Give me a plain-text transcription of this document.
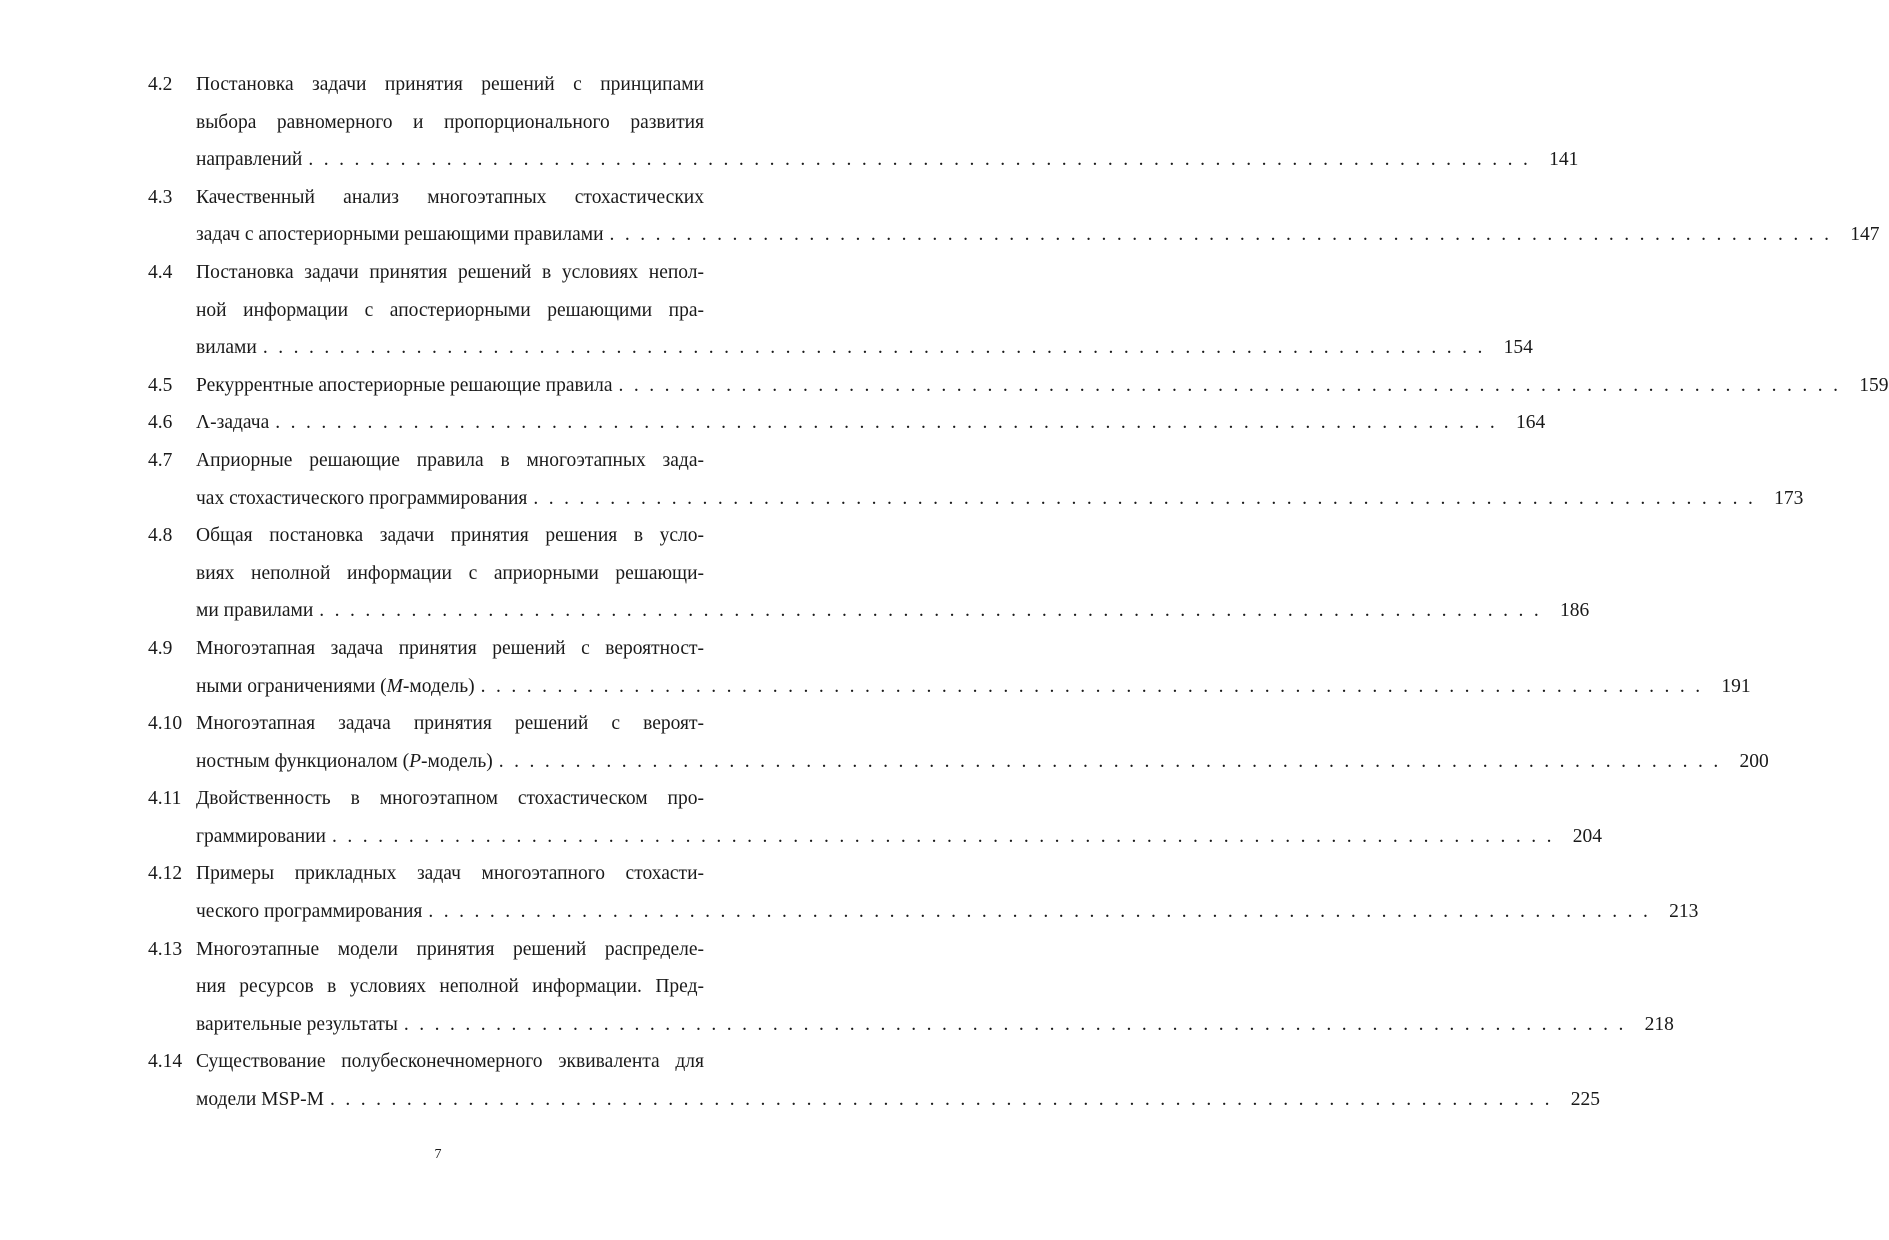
4.2	Постановка задачи принятия решений с принципами
выбора равномерного и пропорционального развития
направлений ................................................................................ 141
4.3	Качественный анализ многоэтапных стохастических
задач с апостериорными решающими правилами ................................................................................ 147
4.4	Постановка задачи принятия решений в условиях непол-
ной информации с апостериорными решающими пра-
вилами ................................................................................ 154
4.5	Рекуррентные апостериорные решающие правила ................................................................................ 159
4.6	Λ-задача ................................................................................ 164
4.7	Априорные решающие правила в многоэтапных зада-
чах стохастического программирования ................................................................................ 173
4.8	Общая постановка задачи принятия решения в усло-
виях неполной информации с априорными решающи-
ми правилами ................................................................................ 186
4.9	Многоэтапная задача принятия решений с вероятност-
ными ограничениями (M-модель) ................................................................................ 191
4.10 Многоэтапная задача принятия решений с вероят-
ностным функционалом (P-модель) ................................................................................ 200
4.11 Двойственность в многоэтапном стохастическом про-
граммировании ................................................................................ 204
4.12 Примеры прикладных задач многоэтапного стохасти-
ческого программирования ................................................................................ 213
4.13 Многоэтапные модели принятия решений распределе-
ния ресурсов в условиях неполной информации. Пред-
варительные результаты ................................................................................ 218
4.14 Существование полубесконечномерного эквивалента для
модели MSP-M ................................................................................ 225
7
